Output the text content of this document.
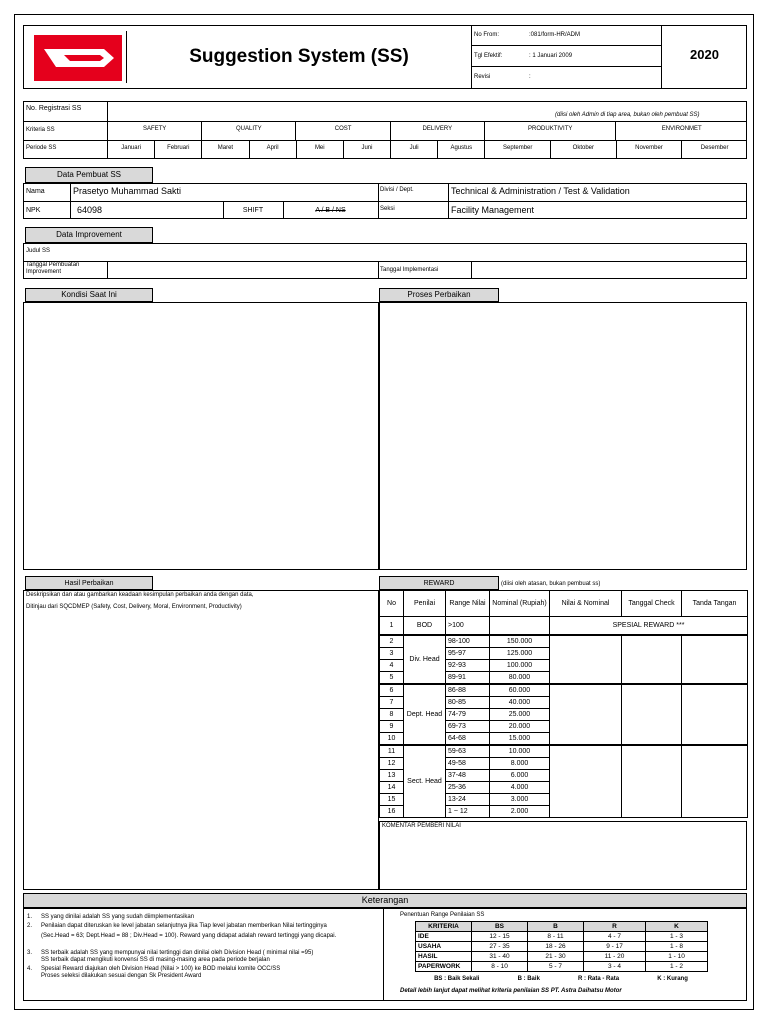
Suggestion System (SS)
No From:	:081/form-HR/ADM
Tgl Efektif:	: 1 Januari 2009
Revisi	:
2020
No. Registrasi SS
(diisi oleh Admin di tiap area, bukan oleh pembuat SS)
Kriteria SS	SAFETY	QUALITY	COST	DELIVERY	PRODUKTIVITY	ENVIRONMET
Periode SS	Januari	Februari	Maret	April	Mei	Juni	Juli	Agustus	September	Oktober	November	Desember
Data Pembuat SS
Nama	Prasetyo Muhammad Sakti
NPK	64098	SHIFT	A / B / NS
Divisi / Dept.	Technical & Administration / Test & Validation
Seksi	Facility Management
Data Improvement
Judul SS
Tanggal Pembuatan Improvement	Tanggal Implementasi
Kondisi Saat Ini	Proses Perbaikan
Hasil Perbaikan
Deskripsikan dan atau gambarkan keadaan kesimpulan perbaikan anda dengan data,
Ditinjau dari SQCDMEP (Safety, Cost, Delivery, Moral, Environment, Productivity)
REWARD	(diisi oleh atasan, bukan pembuat ss)
No	Penilai	Range Nilai	Nominal (Rupiah)	Nilai & Nominal	Tanggal Check	Tanda Tangan
1	BOD	>100		SPESIAL REWARD ***		
2	Div. Head	98-100	150.000			
3		95-97	125.000			
4		92-93	100.000			
5		89-91	80.000			
6	Dept. Head	86-88	60.000			
7		80-85	40.000			
8		74-79	25.000			
9		69-73	20.000			
10		64-68	15.000			
11	Sect. Head	59-63	10.000			
12		49-58	8.000			
13		37-48	6.000			
14		25-36	4.000			
15		13-24	3.000			
16		1 ~ 12	2.000			
KOMENTAR PEMBERI NILAI
Keterangan
1.	SS yang dinilai adalah SS yang sudah diimplementasikan
2.	Penilaian dapat diteruskan ke level jabatan selanjutnya jika Tiap level jabatan memberikan Nilai tertingginya
(Sec.Head = 63; Dept.Head = 88 ; Div.Head = 100). Reward yang didapat adalah reward tertinggi yang dicapai.
3.	SS terbaik adalah SS yang mempunyai nilai tertinggi dan dinilai oleh Division Head ( minimal nilai =95)
SS terbaik dapat mengikuti konvensi SS di masing-masing area pada periode berjalan
4.	Spesial Reward diajukan oleh Division Head (Nilai > 100) ke BOD melalui komite OCC/SS
Proses seleksi dilakukan sesuai dengan Sk President Award
Penentuan Range Penilaian SS
KRITERIA	BS	B	R	K
IDE	12 - 15	8 - 11	4 - 7	1 - 3
USAHA	27 - 35	18 - 26	9 - 17	1 - 8
HASIL	31 - 40	21 - 30	11 - 20	1 - 10
PAPERWORK	8 - 10	5 - 7	3 - 4	1 - 2
BS : Baik Sekali	B : Baik	R : Rata - Rata	K : Kurang
Detail lebih lanjut dapat melihat kriteria penilaian SS PT. Astra Daihatsu Motor
